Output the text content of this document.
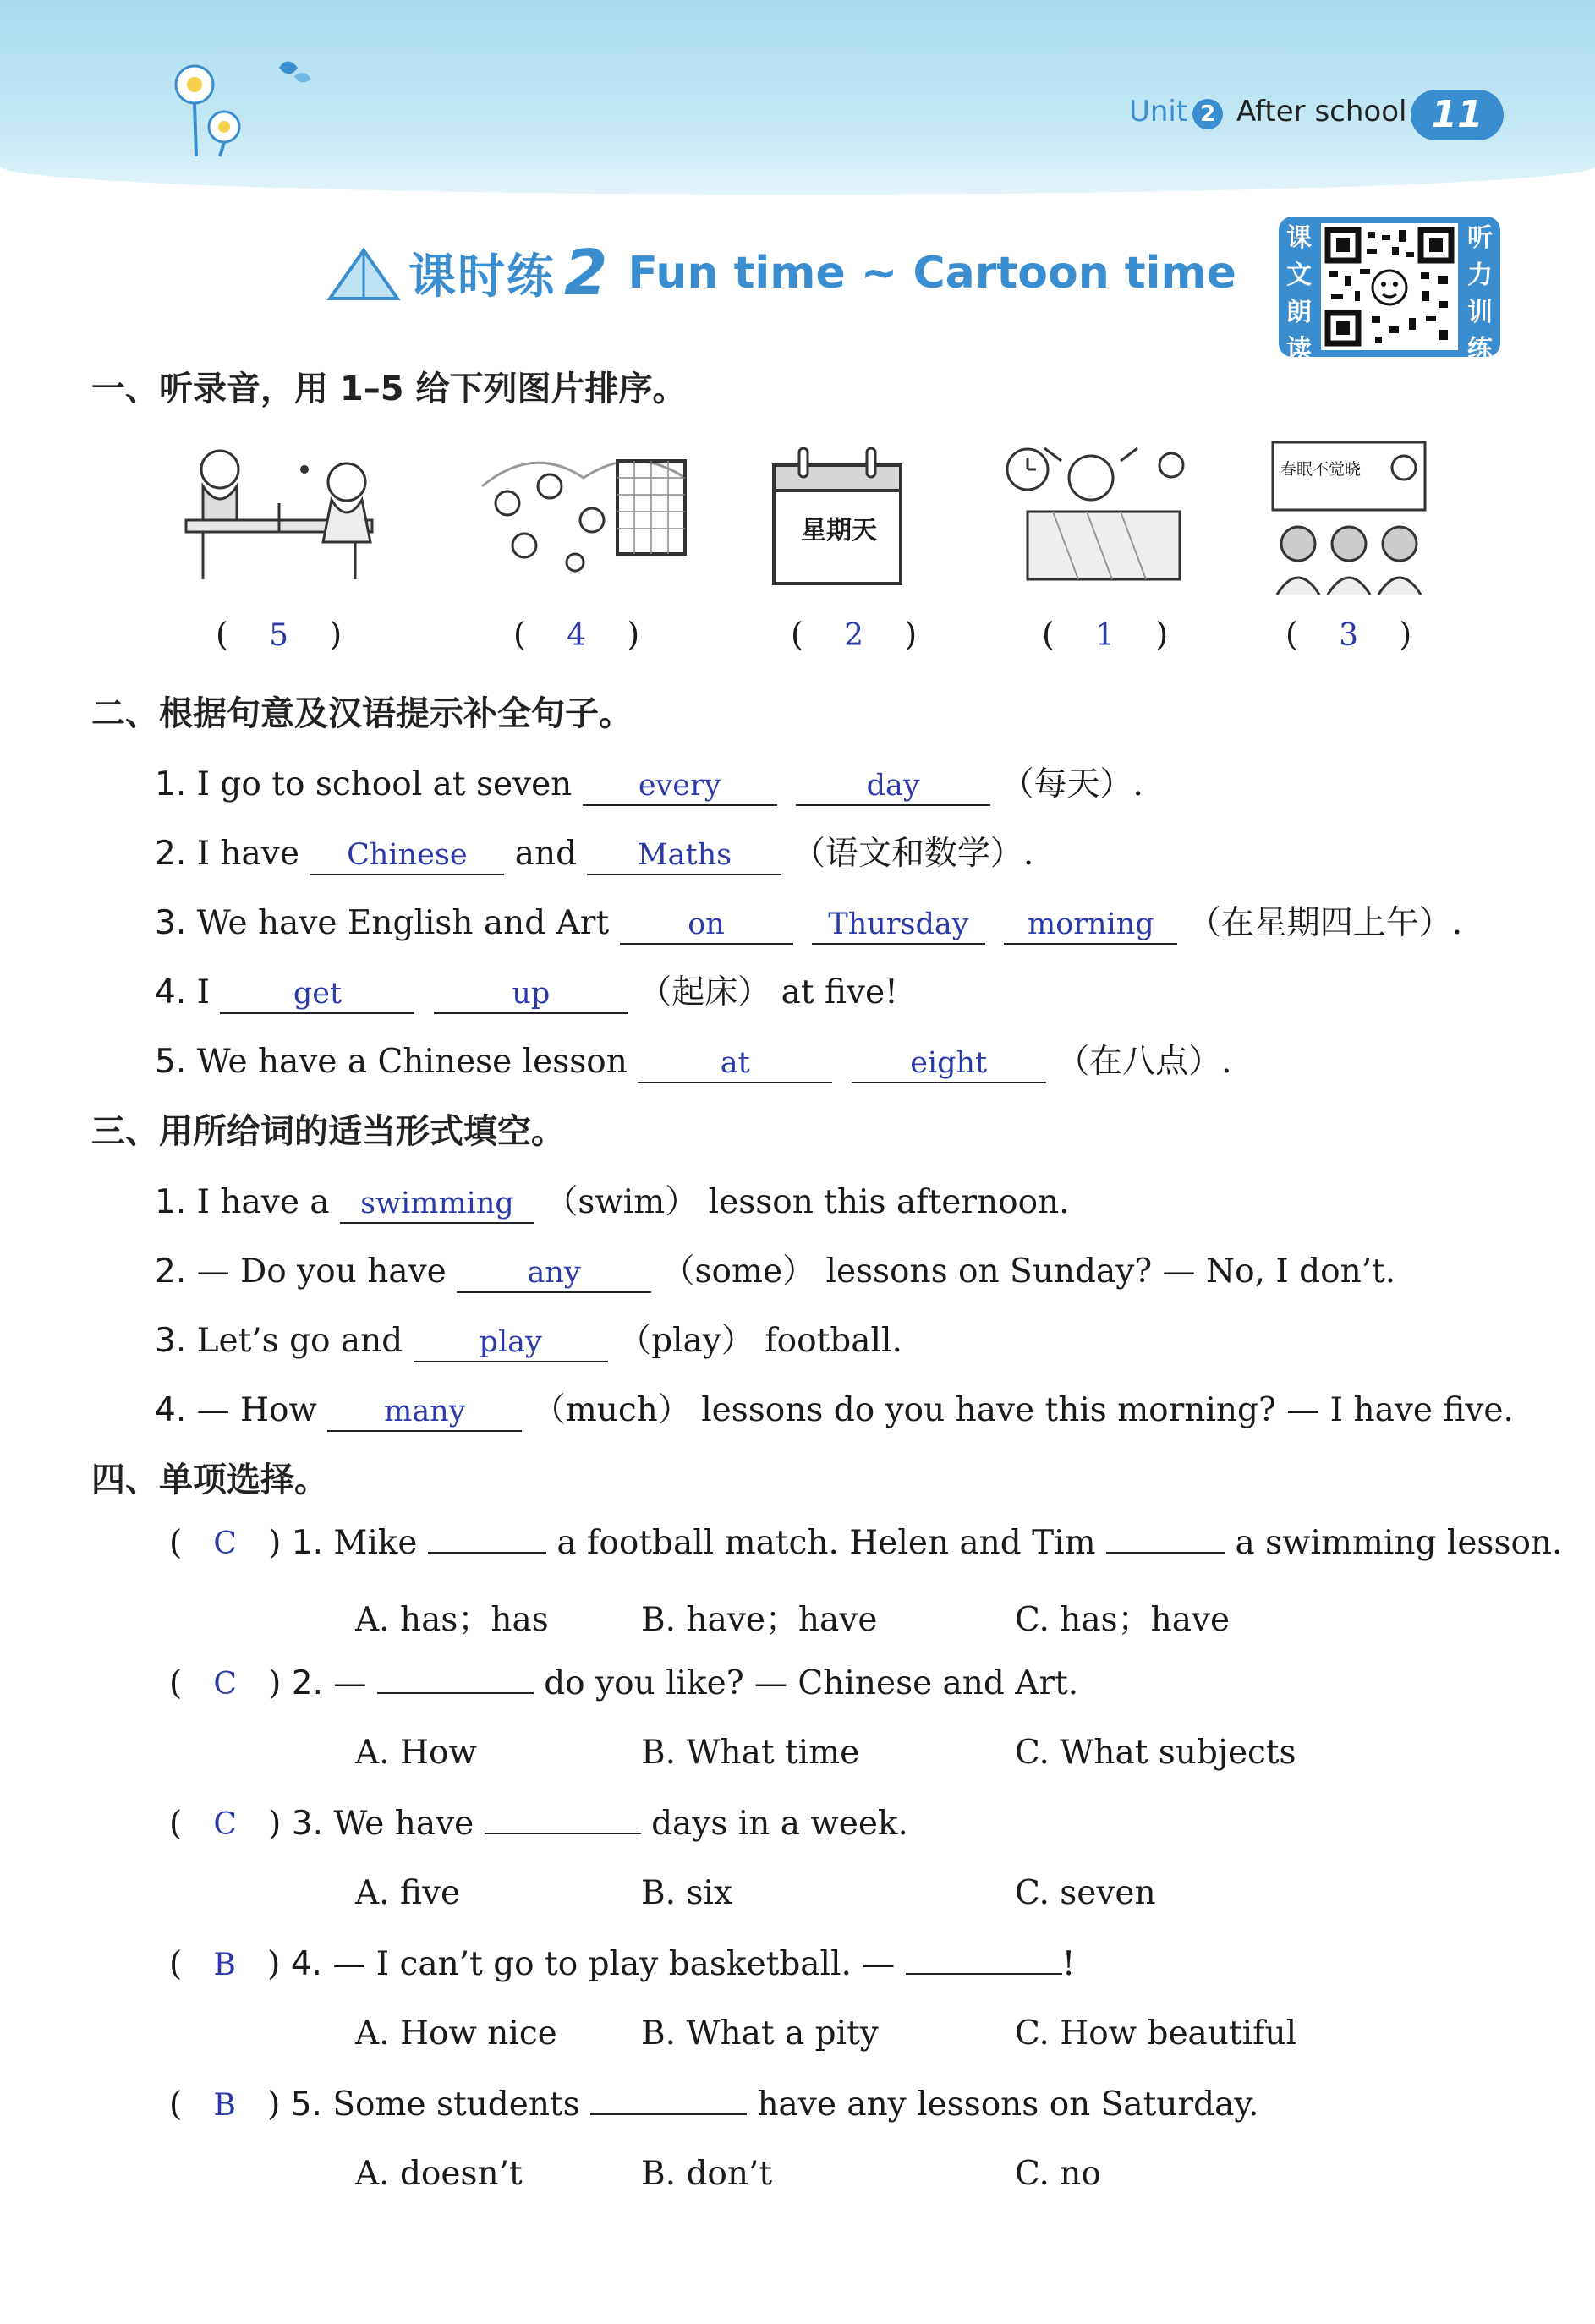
Unit 2 After school 11
课时练 2 Fun time ~ Cartoon time
课
文
朗
读
听
力
训
练
一、听录音，用 1–5 给下列图片排序。
星期天
春眠不觉晓
(    5    )	(    4    )	(    2    )	(    1    )	(    3    )
二、根据句意及汉语提示补全句子。
1. I go to school at seven every	day （每天）.
2. I have Chinese and Maths （语文和数学）.
3. We have English and Art	on	Thursday morning （在星期四上午）.
4. I	get	up	（起床） at five!
5. We have a Chinese lesson	at	eight （在八点）.
三、用所给词的适当形式填空。
1. I have a swimming （swim） lesson this afternoon.
2. — Do you have	any （some） lessons on Sunday? — No, I don’t.
3. Let’s go and	play （play） football.
4. — How many （much） lessons do you have this morning? — I have five.
四、单项选择。
(   C   ) 1. Mike	a football match. Helen and Tim	a swimming lesson.
A. has；has	B. have；have	C. has；have
(   C   ) 2. —	do you like? — Chinese and Art.
A. How	B. What time	C. What subjects
(   C   ) 3. We have	days in a week.
A. five	B. six	C. seven
(   B   ) 4. — I can’t go to play basketball. —	!
A. How nice	B. What a pity	C. How beautiful
(   B   ) 5. Some students	have any lessons on Saturday.
A. doesn’t	B. don’t	C. no
